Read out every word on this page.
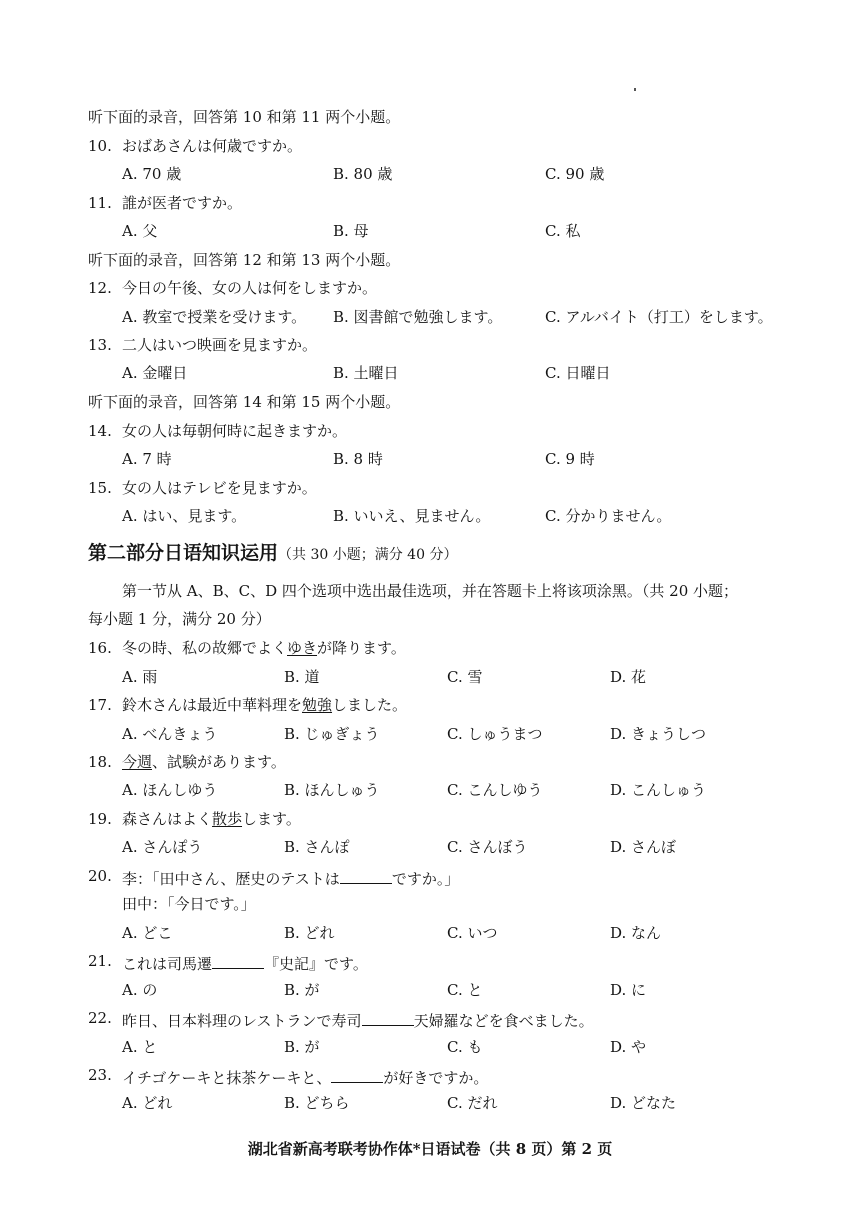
听下面的录音，回答第 10 和第 11 两个小题。
10. おばあさんは何歳ですか。
A. 70 歳	B. 80 歳	C. 90 歳
11. 誰が医者ですか。
A. 父	B. 母	C. 私
听下面的录音，回答第 12 和第 13 两个小题。
12. 今日の午後、女の人は何をしますか。
A. 教室で授業を受けます。 B. 図書館で勉強します。	C. アルバイト（打工）をします。
13. 二人はいつ映画を見ますか。
A. 金曜日	B. 土曜日	C. 日曜日
听下面的录音，回答第 14 和第 15 两个小题。
14. 女の人は毎朝何時に起きますか。
A. 7 時	B. 8 時	C. 9 時
15. 女の人はテレビを見ますか。
A. はい、見ます。	B. いいえ、見ません。	C. 分かりません。
第二部分日语知识运用（共 30 小题；满分 40 分）
第一节从 A、B、C、D 四个选项中选出最佳选项，并在答题卡上将该项涂黑。（共 20 小题；
每小题 1 分，满分 20 分）
16. 冬の時、私の故郷でよくゆきが降ります。
A. 雨	B. 道	C. 雪	D. 花
17. 鈴木さんは最近中華料理を勉強しました。
A. べんきょう	B. じゅぎょう	C. しゅうまつ	D. きょうしつ
18. 今週、試験があります。
A. ほんしゆう	B. ほんしゅう	C. こんしゆう	D. こんしゅう
19. 森さんはよく散歩します。
A. さんぽう	B. さんぽ	C. さんぼう	D. さんぼ
20. 李：「田中さん、歴史のテストは	ですか。」
田中：「今日です。」
A. どこ	B. どれ	C. いつ	D. なん
21. これは司馬遷	『史記』です。
A. の	B. が	C. と	D. に
22. 昨日、日本料理のレストランで寿司	天婦羅などを食べました。
A. と	B. が	C. も	D. や
23. イチゴケーキと抹茶ケーキと、	が好きですか。
A. どれ	B. どちら	C. だれ	D. どなた
湖北省新高考联考协作体*日语试卷（共 8 页）第 2 页
